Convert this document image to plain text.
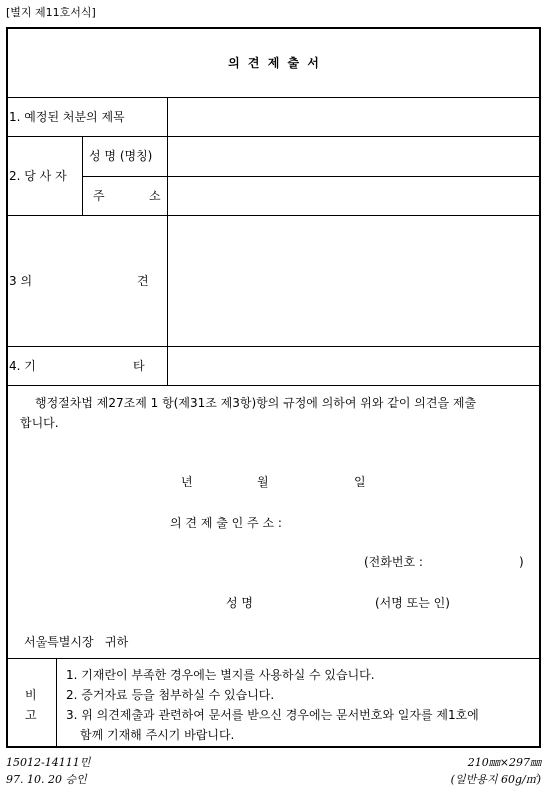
[별지 제11호서식]
의 견 제 출 서
1. 예정된 처분의 제목
2. 당 사 자
성 명 (명칭)
주	소
3 의	견
4. 기	타
행정절차법 제27조제 1 항(제31조 제3항)항의 규정에 의하여 위와 같이 의견을 제출
합니다.
년	월	일
의 견 제 출 인 주 소 :
(전화번호 :	)
성 명	(서명 또는 인)
서울특별시장   귀하
비
고
1. 기재란이 부족한 경우에는 별지를 사용하실 수 있습니다.
2. 증거자료 등을 첨부하실 수 있습니다.
3. 위 의견제출과 관련하여 문서를 받으신 경우에는 문서번호와 일자를 제1호에
함께 기재해 주시기 바랍니다.
15012-14111민
97. 10. 20 승인
210㎜×297㎜
(일반용지 60g/㎡)
